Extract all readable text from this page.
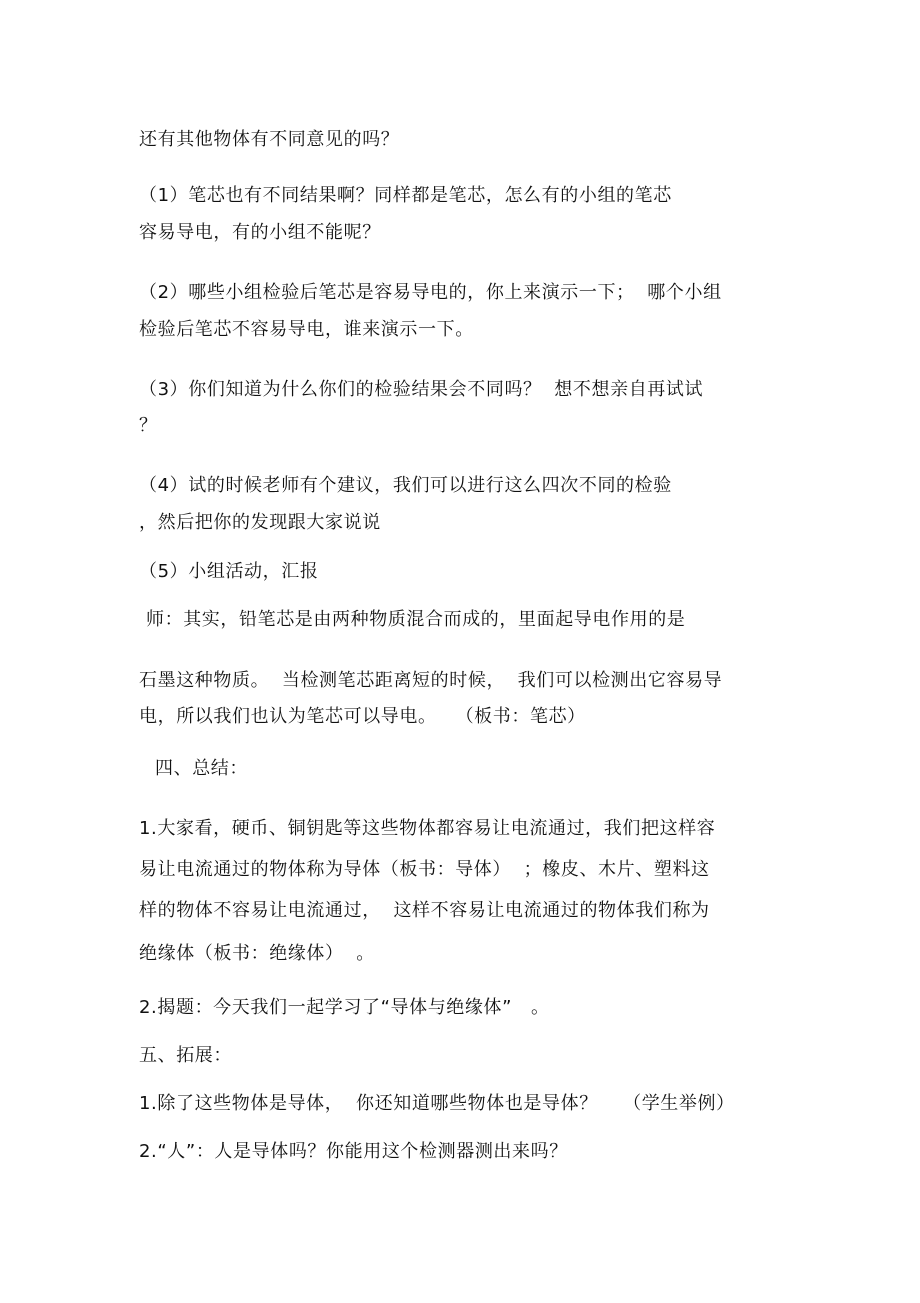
还有其他物体有不同意见的吗？
（1）笔芯也有不同结果啊？同样都是笔芯，怎么有的小组的笔芯
容易导电，有的小组不能呢？
（2）哪些小组检验后笔芯是容易导电的，你上来演示一下；  哪个小组
检验后笔芯不容易导电，谁来演示一下。
（3）你们知道为什么你们的检验结果会不同吗？  想不想亲自再试试
？
（4）试的时候老师有个建议，我们可以进行这么四次不同的检验
，然后把你的发现跟大家说说
（5）小组活动，汇报
师：其实，铅笔芯是由两种物质混合而成的，里面起导电作用的是
石墨这种物质。  当检测笔芯距离短的时候，  我们可以检测出它容易导
电，所以我们也认为笔芯可以导电。   （板书：笔芯）
四、总结：
1.大家看，硬币、铜钥匙等这些物体都容易让电流通过，我们把这样容
易让电流通过的物体称为导体（板书：导体）  ；橡皮、木片、塑料这
样的物体不容易让电流通过，  这样不容易让电流通过的物体我们称为
绝缘体（板书：绝缘体）  。
2.揭题：今天我们一起学习了“导体与绝缘体”   。
五、拓展：
1.除了这些物体是导体，  你还知道哪些物体也是导体？    （学生举例）
2.“人”：人是导体吗？你能用这个检测器测出来吗？
